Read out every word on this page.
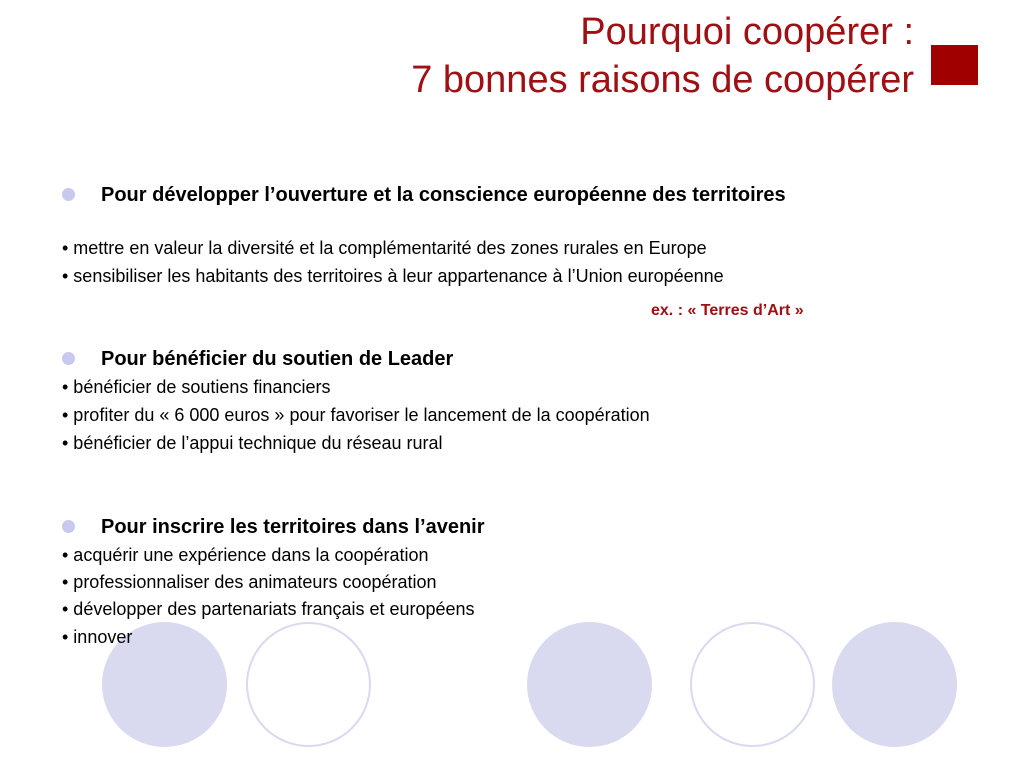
Pourquoi coopérer :
7 bonnes raisons de coopérer
Pour développer l’ouverture et la conscience européenne des territoires
• mettre en valeur la diversité et la complémentarité des zones rurales en Europe
• sensibiliser les habitants des territoires à leur appartenance à l’Union européenne
ex. : « Terres d’Art »
Pour bénéficier du soutien de Leader
• bénéficier de soutiens financiers
• profiter du « 6 000 euros » pour favoriser le lancement de la coopération
• bénéficier de l’appui technique du réseau rural
Pour inscrire les territoires dans l’avenir
• acquérir une expérience dans la coopération
• professionnaliser des animateurs coopération
• développer des partenariats français et européens
• innover
